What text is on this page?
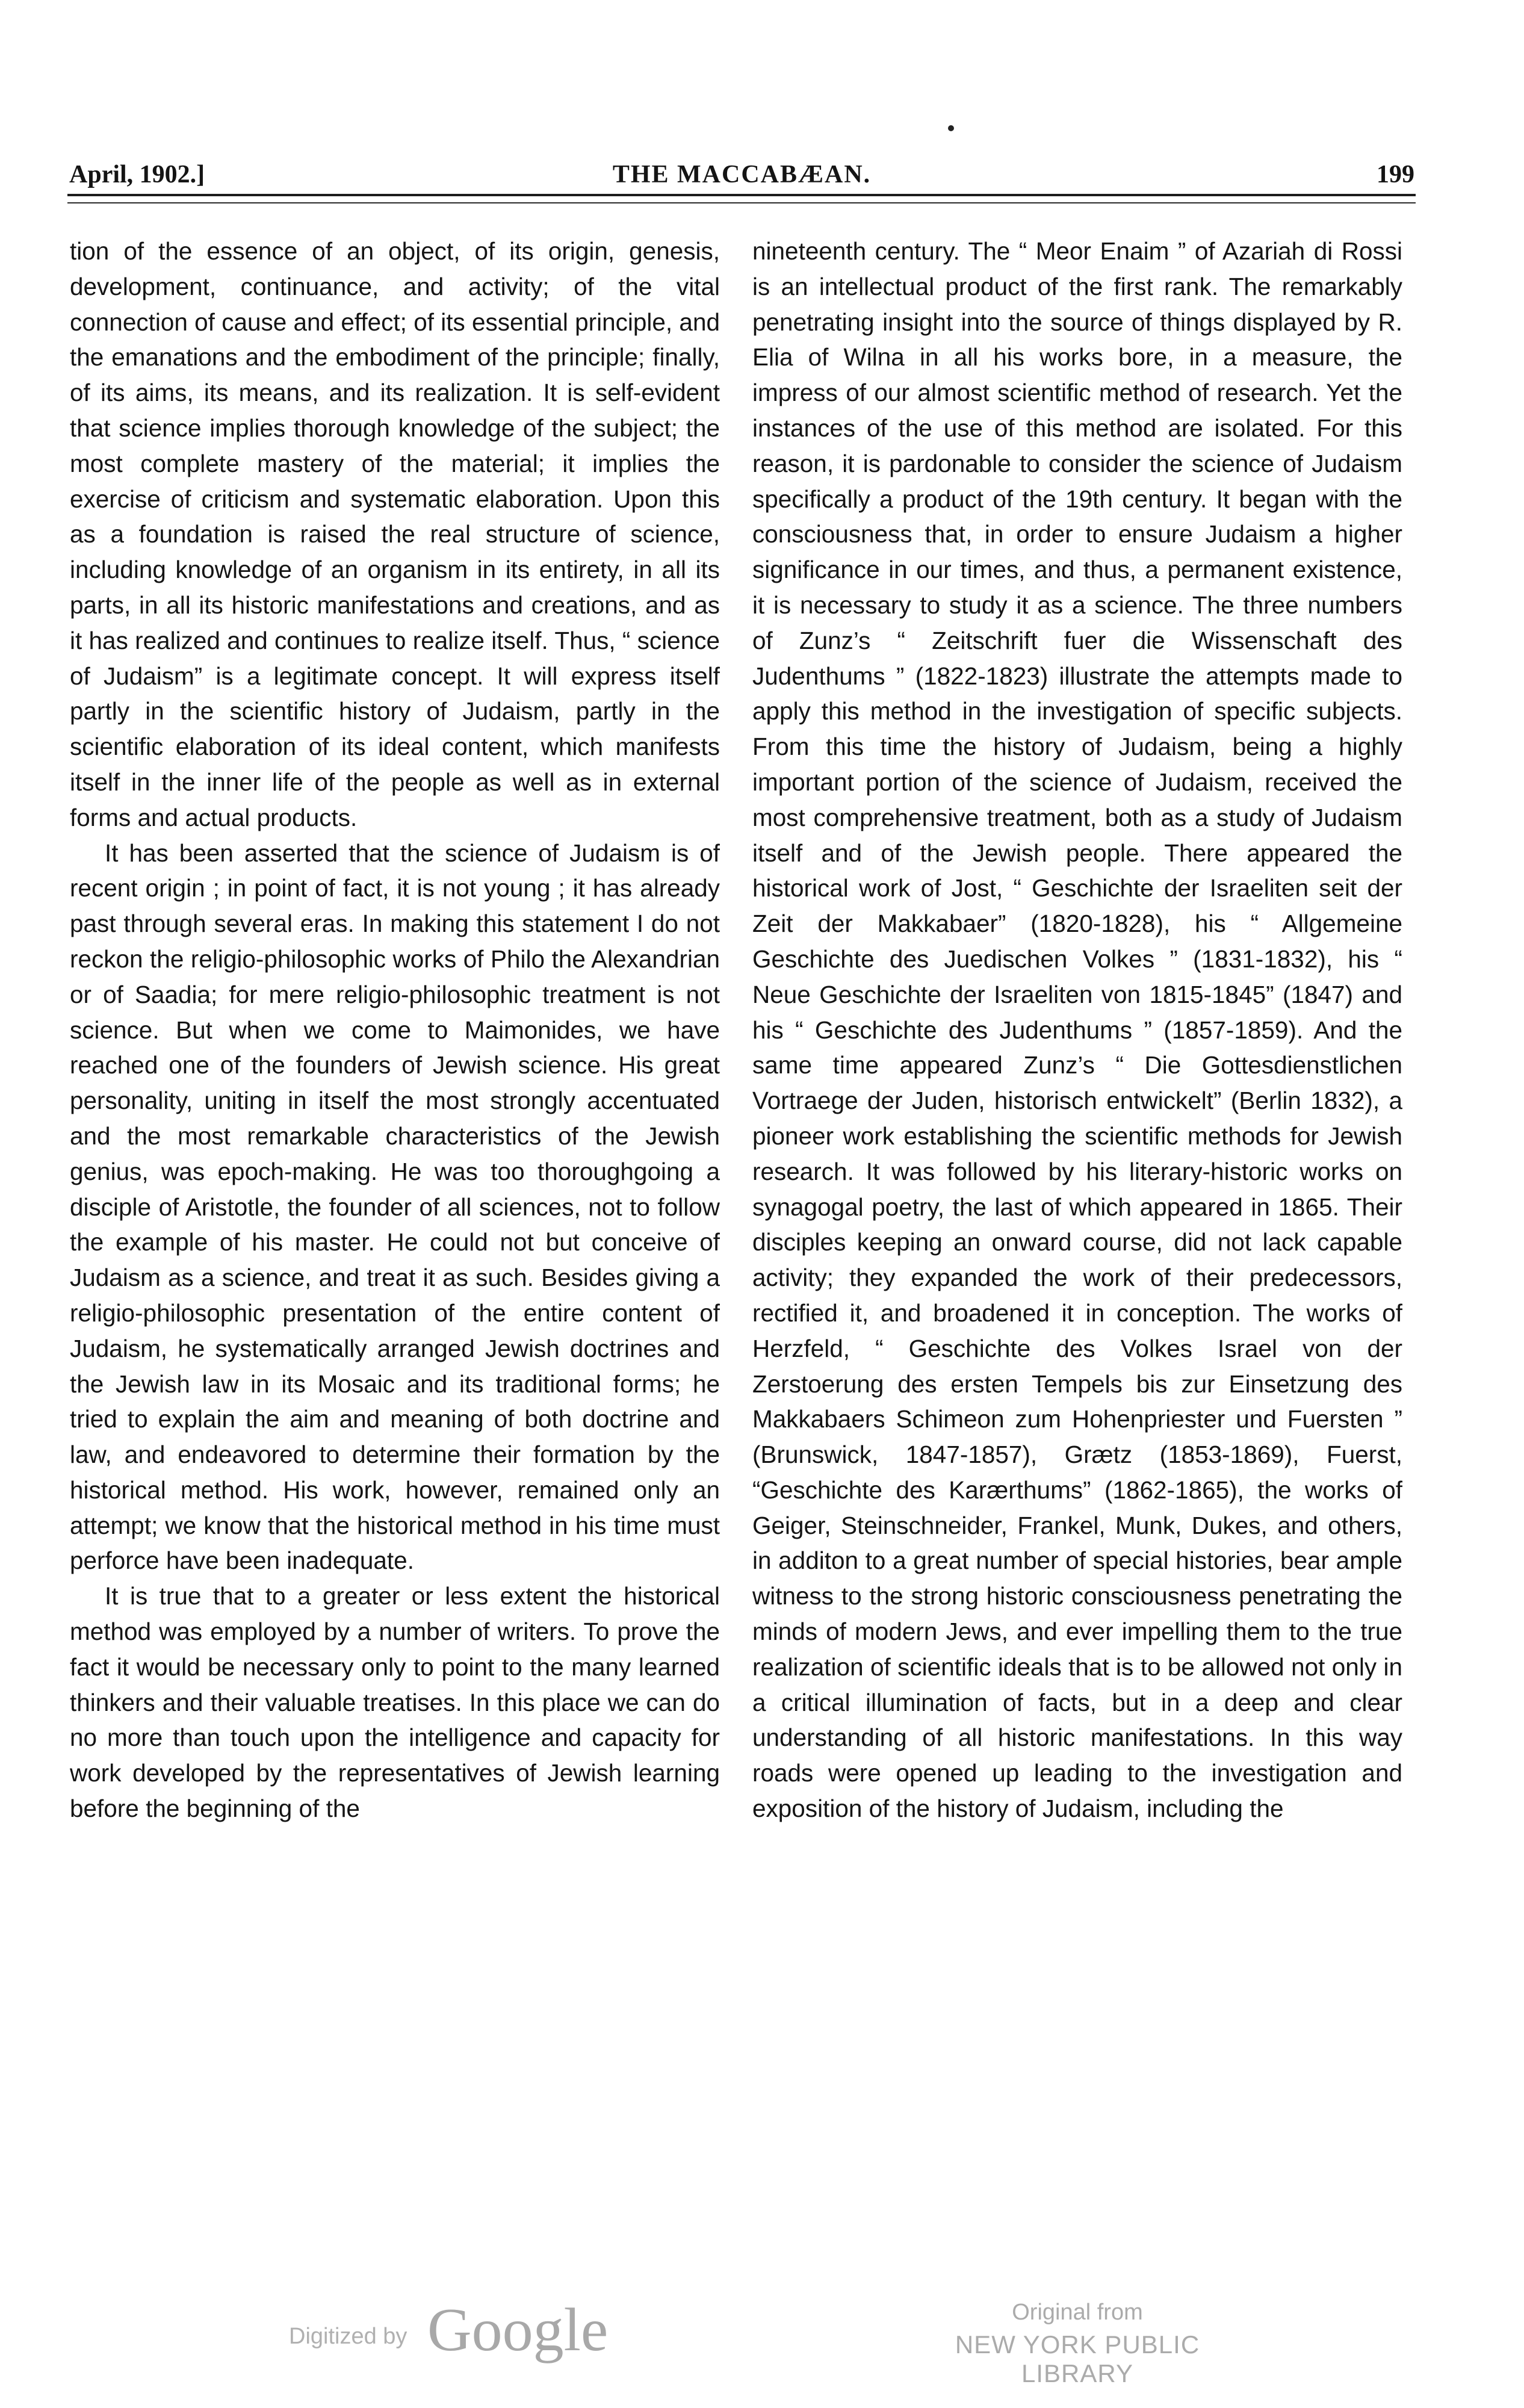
April, 1902.]	THE MACCABÆAN.	199

tion of the essence of an object, of its origin, genesis, development, continuance, and activity; of the vital connection of cause and effect; of its essential principle, and the emanations and the embodiment of the principle; finally, of its aims, its means, and its realization. It is self-evident that science implies thorough knowledge of the subject; the most complete mastery of the material; it implies the exercise of criticism and systematic elaboration. Upon this as a foundation is raised the real structure of science, including knowledge of an organism in its entirety, in all its parts, in all its historic manifestations and creations, and as it has realized and continues to realize itself. Thus, “ science of Judaism” is a legitimate concept. It will express itself partly in the scientific history of Judaism, partly in the scientific elaboration of its ideal content, which manifests itself in the inner life of the people as well as in external forms and actual products.

It has been asserted that the science of Judaism is of recent origin ; in point of fact, it is not young ; it has already past through several eras. In making this statement I do not reckon the religio-philosophic works of Philo the Alexandrian or of Saadia; for mere religio-philosophic treatment is not science. But when we come to Maimonides, we have reached one of the founders of Jewish science. His great personality, uniting in itself the most strongly accentuated and the most remarkable characteristics of the Jewish genius, was epoch-making. He was too thoroughgoing a disciple of Aristotle, the founder of all sciences, not to follow the example of his master. He could not but conceive of Judaism as a science, and treat it as such. Besides giving a religio-philosophic presentation of the entire content of Judaism, he systematically arranged Jewish doctrines and the Jewish law in its Mosaic and its traditional forms; he tried to explain the aim and meaning of both doctrine and law, and endeavored to determine their formation by the historical method. His work, however, remained only an attempt; we know that the historical method in his time must perforce have been inadequate.

It is true that to a greater or less extent the historical method was employed by a number of writers. To prove the fact it would be necessary only to point to the many learned thinkers and their valuable treatises. In this place we can do no more than touch upon the intelligence and capacity for work developed by the representatives of Jewish learning before the beginning of the

nineteenth century. The “ Meor Enaim ” of Azariah di Rossi is an intellectual product of the first rank. The remarkably penetrating insight into the source of things displayed by R. Elia of Wilna in all his works bore, in a measure, the impress of our almost scientific method of research. Yet the instances of the use of this method are isolated. For this reason, it is pardonable to consider the science of Judaism specifically a product of the 19th century. It began with the consciousness that, in order to ensure Judaism a higher significance in our times, and thus, a permanent existence, it is necessary to study it as a science. The three numbers of Zunz’s “ Zeitschrift fuer die Wissenschaft des Judenthums ” (1822-1823) illustrate the attempts made to apply this method in the investigation of specific subjects. From this time the history of Judaism, being a highly important portion of the science of Judaism, received the most comprehensive treatment, both as a study of Judaism itself and of the Jewish people. There appeared the historical work of Jost, “ Geschichte der Israeliten seit der Zeit der Makkabaer” (1820-1828), his “ Allgemeine Geschichte des Juedischen Volkes ” (1831-1832), his “ Neue Geschichte der Israeliten von 1815-1845” (1847) and his “ Geschichte des Judenthums ” (1857-1859). And the same time appeared Zunz’s “ Die Gottesdienstlichen Vortraege der Juden, historisch entwickelt” (Berlin 1832), a pioneer work establishing the scientific methods for Jewish research. It was followed by his literary-historic works on synagogal poetry, the last of which appeared in 1865. Their disciples keeping an onward course, did not lack capable activity; they expanded the work of their predecessors, rectified it, and broadened it in conception. The works of Herzfeld, “ Geschichte des Volkes Israel von der Zerstoerung des ersten Tempels bis zur Einsetzung des Makkabaers Schimeon zum Hohenpriester und Fuersten ” (Brunswick, 1847-1857), Grætz (1853-1869), Fuerst, “Geschichte des Karærthums” (1862-1865), the works of Geiger, Steinschneider, Frankel, Munk, Dukes, and others, in additon to a great number of special histories, bear ample witness to the strong historic consciousness penetrating the minds of modern Jews, and ever impelling them to the true realization of scientific ideals that is to be allowed not only in a critical illumination of facts, but in a deep and clear understanding of all historic manifestations. In this way roads were opened up leading to the investigation and exposition of the history of Judaism, including the

Digitized by Google	Original from
NEW YORK PUBLIC LIBRARY
